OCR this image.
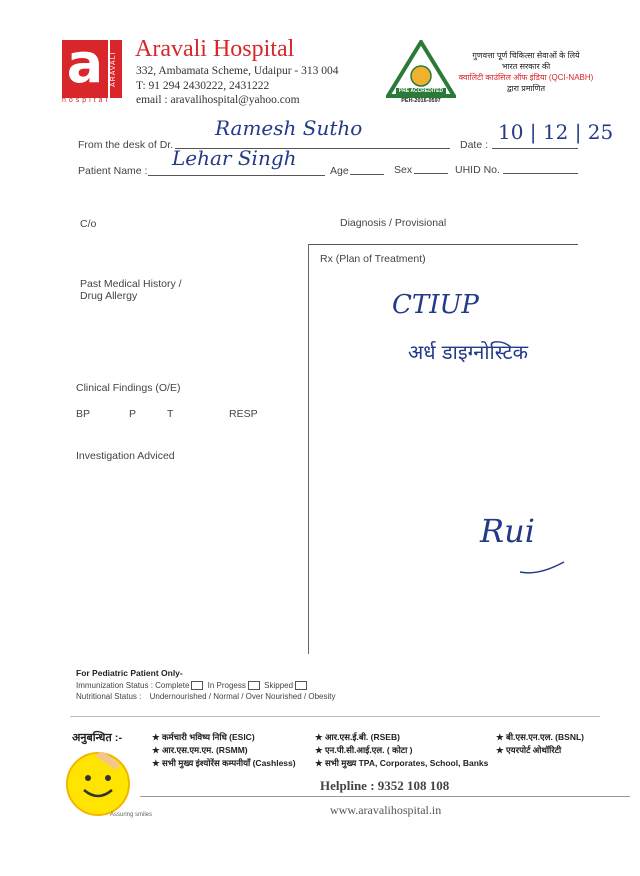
a ARAVALI
hospital
Aravali Hospital
332, Ambamata Scheme, Udaipur - 313 004
T: 91 294 2430222, 2431222
email : aravalihospital@yahoo.com
PRE ACCREDITED
PEH-2016-0597
गुणवत्ता पूर्ण चिकित्सा सेवाओं के लिये
भारत सरकार की
क्वालिटी काउंसिल ऑफ इंडिया (QCI-NABH)
द्वारा प्रमाणित
From the desk of Dr.
Ramesh Sutho
Date :
10 | 12 | 25
Patient Name :
Lehar Singh
Age	Sex	UHID No.
C/o	Diagnosis / Provisional
Rx (Plan of Treatment)
Past Medical History /
Drug Allergy	CTIUP
अर्ध डाइग्नोस्टिक
Clinical Findings (O/E)
BP	P	T	RESP
Investigation Adviced
Rui
For Pediatric Patient Only-
Immunization Status : Complete In Progess Skipped
Nutritional Status : Undernourished / Normal / Over Nourished / Obesity
अनुबन्धित :-	★ कर्मचारी भविष्य निधि (ESIC)
★ आर.एस.एम.एम. (RSMM)
★ सभी मुख्य इंश्योरेंस कम्पनीयॉं (Cashless)
★ आर.एस.ई.बी. (RSEB)
★ एन.पी.सी.आई.एल. ( कोटा )
★ सभी मुख्य TPA, Corporates, School, Banks
★ बी.एस.एन.एल. (BSNL)
★ एयरपोर्ट ओथॉरिटी
Assuring smiles
Helpline : 9352 108 108
www.aravalihospital.in
